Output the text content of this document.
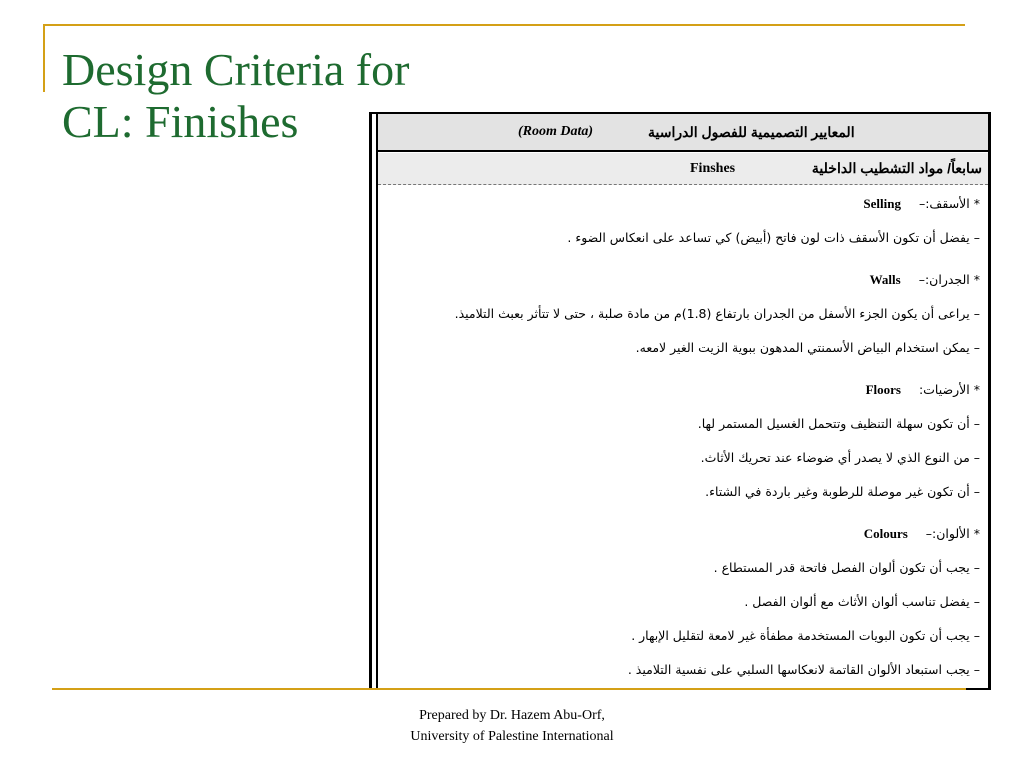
Design Criteria for
CL: Finishes	(Room Data)	المعايير التصميمية للفصول الدراسية
Finshes	سابعاً/ مواد التشطيب الداخلية
* الأسقف:–Selling
– يفضل أن تكون الأسقف ذات لون فاتح (أبيض) كي تساعد على انعكاس الضوء .
* الجدران:–Walls
– يراعى أن يكون الجزء الأسفل من الجدران بارتفاع (1.8)م من مادة صلبة ، حتى لا تتأثر بعبث التلاميذ.
– يمكن استخدام البياض الأسمنتي المدهون ببوية الزيت الغير لامعه.
* الأرضيات:Floors
– أن تكون سهلة التنظيف وتتحمل الغسيل المستمر لها.
– من النوع الذي لا يصدر أي ضوضاء عند تحريك الأثاث.
– أن تكون غير موصلة للرطوبة وغير باردة في الشتاء.
* الألوان:–Colours
– يجب أن تكون ألوان الفصل فاتحة قدر المستطاع .
– يفضل تناسب ألوان الأثاث مع ألوان الفصل .
– يجب أن تكون البويات المستخدمة مطفأة غير لامعة لتقليل الإبهار .
– يجب استبعاد الألوان القاتمة لانعكاسها السلبي على نفسية التلاميذ .
Prepared by Dr. Hazem Abu-Orf,
University of Palestine International
